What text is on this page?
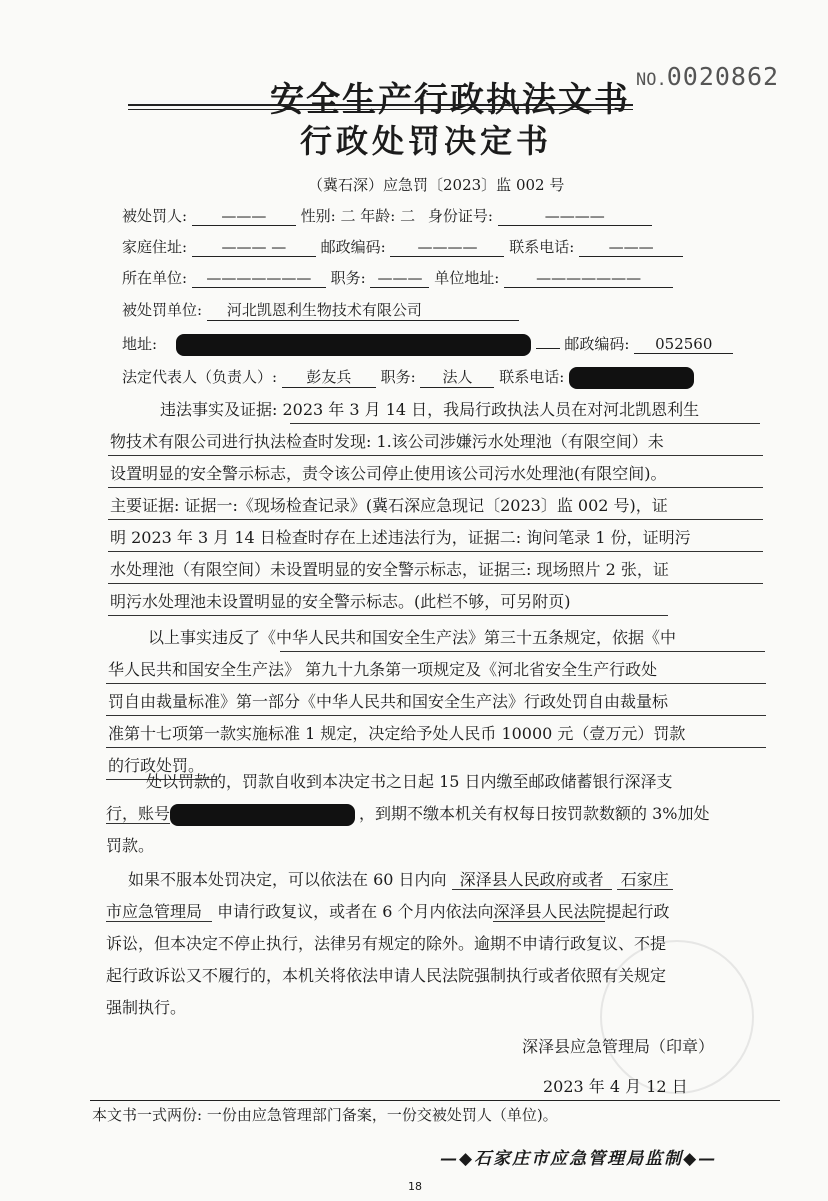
安全生产行政执法文书 NO.0020862
行政处罚决定书
（冀石深）应急罚〔2023〕监 002 号
被处罚人: ——— 性别: 二 年龄: 二 身份证号:	————
家庭住址: ——— — 邮政编码: ———— 联系电话: ———
所在单位: ——————— 职务: ——— 单位地址: ———————
被处罚单位: 河北凯恩利生物技术有限公司
地址:	邮政编码: 052560
法定代表人（负责人）: 彭友兵 职务: 法人 联系电话:
违法事实及证据: 2023 年 3 月 14 日，我局行政执法人员在对河北凯恩利生
物技术有限公司进行执法检查时发现: 1.该公司涉嫌污水处理池（有限空间）未
设置明显的安全警示标志，责令该公司停止使用该公司污水处理池(有限空间)。
主要证据: 证据一:《现场检查记录》(冀石深应急现记〔2023〕监 002 号)，证
明 2023 年 3 月 14 日检查时存在上述违法行为，证据二: 询问笔录 1 份，证明污
水处理池（有限空间）未设置明显的安全警示标志，证据三: 现场照片 2 张，证
明污水处理池未设置明显的安全警示标志。(此栏不够，可另附页)
以上事实违反了《中华人民共和国安全生产法》第三十五条规定，依据《中
华人民共和国安全生产法》 第九十九条第一项规定及《河北省安全生产行政处
罚自由裁量标准》第一部分《中华人民共和国安全生产法》行政处罚自由裁量标
准第十七项第一款实施标准 1 规定，决定给予处人民币 10000 元（壹万元）罚款
的行政处罚。
处以罚款的，罚款自收到本决定书之日起 15 日内缴至邮政储蓄银行深泽支
行，账号	，到期不缴本机关有权每日按罚款数额的 3%加处
罚款。
如果不服本处罚决定，可以依法在 60 日内向 深泽县人民政府或者 石家庄
市应急管理局 申请行政复议，或者在 6 个月内依法向深泽县人民法院提起行政
诉讼，但本决定不停止执行，法律另有规定的除外。逾期不申请行政复议、不提
起行政诉讼又不履行的，本机关将依法申请人民法院强制执行或者依照有关规定
强制执行。
深泽县应急管理局（印章）
2023 年 4 月 12 日
本文书一式两份: 一份由应急管理部门备案，一份交被处罚人（单位)。
—◆石家庄市应急管理局监制◆—
18
